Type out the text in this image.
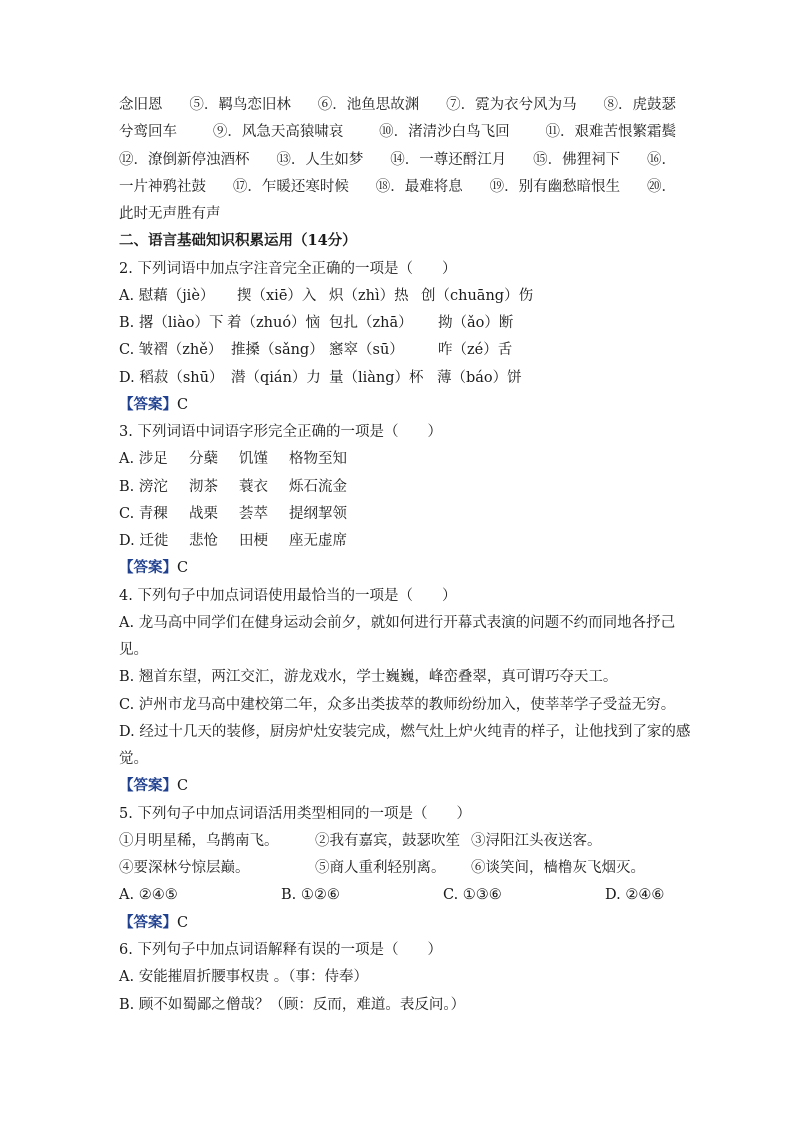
念旧恩 ⑤．羁鸟恋旧林 ⑥．池鱼思故渊 ⑦．霓为衣兮风为马 ⑧．虎鼓瑟
兮鸾回车 ⑨．风急天高猿啸哀 ⑩．渚清沙白鸟飞回 ⑪．艰难苦恨繁霜鬓
⑫．潦倒新停浊酒杯 ⑬．人生如梦 ⑭．一尊还酹江月 ⑮．佛狸祠下 ⑯．
一片神鸦社鼓 ⑰．乍暖还寒时候 ⑱．最难将息 ⑲．别有幽愁暗恨生 ⑳．
此时无声胜有声
二、语言基础知识积累运用（14分）
2. 下列词语中加点字注音完全正确的一项是（　　）
A. 慰藉（jiè） 揳（xiē）入 炽（zhì）热 创（chuāng）伤
B. 撂（liào）下 着（zhuó）恼 包扎（zhā） 拗（ǎo）断
C. 皱褶（zhě） 推搡（sǎng） 窸窣（sū） 咋（zé）舌
D. 稻菽（shū） 潜（qián）力 量（liàng）杯 薄（báo）饼
【答案】C
3. 下列词语中词语字形完全正确的一项是（　　）
A. 涉足 分蘖 饥馑 格物至知
B. 滂沱 沏茶 蓑衣 烁石流金
C. 青稞 战栗 荟萃 提纲挈领
D. 迁徙 悲怆 田梗 座无虚席
【答案】C
4. 下列句子中加点词语使用最恰当的一项是（　　）
A. 龙马高中同学们在健身运动会前夕，就如何进行开幕式表演的问题不约而同地各抒己
见。
B. 翘首东望，两江交汇，游龙戏水，学士巍巍，峰峦叠翠，真可谓巧夺天工。
C. 泸州市龙马高中建校第二年，众多出类拔萃的教师纷纷加入，使莘莘学子受益无穷。
D. 经过十几天的装修，厨房炉灶安装完成，燃气灶上炉火纯青的样子，让他找到了家的感
觉。
【答案】C
5. 下列句子中加点词语活用类型相同的一项是（　　）
①月明星稀，乌鹊南飞。	②我有嘉宾，鼓瑟吹笙 ③浔阳江头夜送客。
④要深林兮惊层巅。	⑤商人重利轻别离。 ⑥谈笑间，樯橹灰飞烟灭。
A. ②④⑤	B. ①②⑥	C. ①③⑥	D. ②④⑥
【答案】C
6. 下列句子中加点词语解释有误的一项是（　　）
A. 安能摧眉折腰事权贵 。（事：侍奉）
B. 顾不如蜀鄙之僧哉？（顾：反而，难道。表反问。）
